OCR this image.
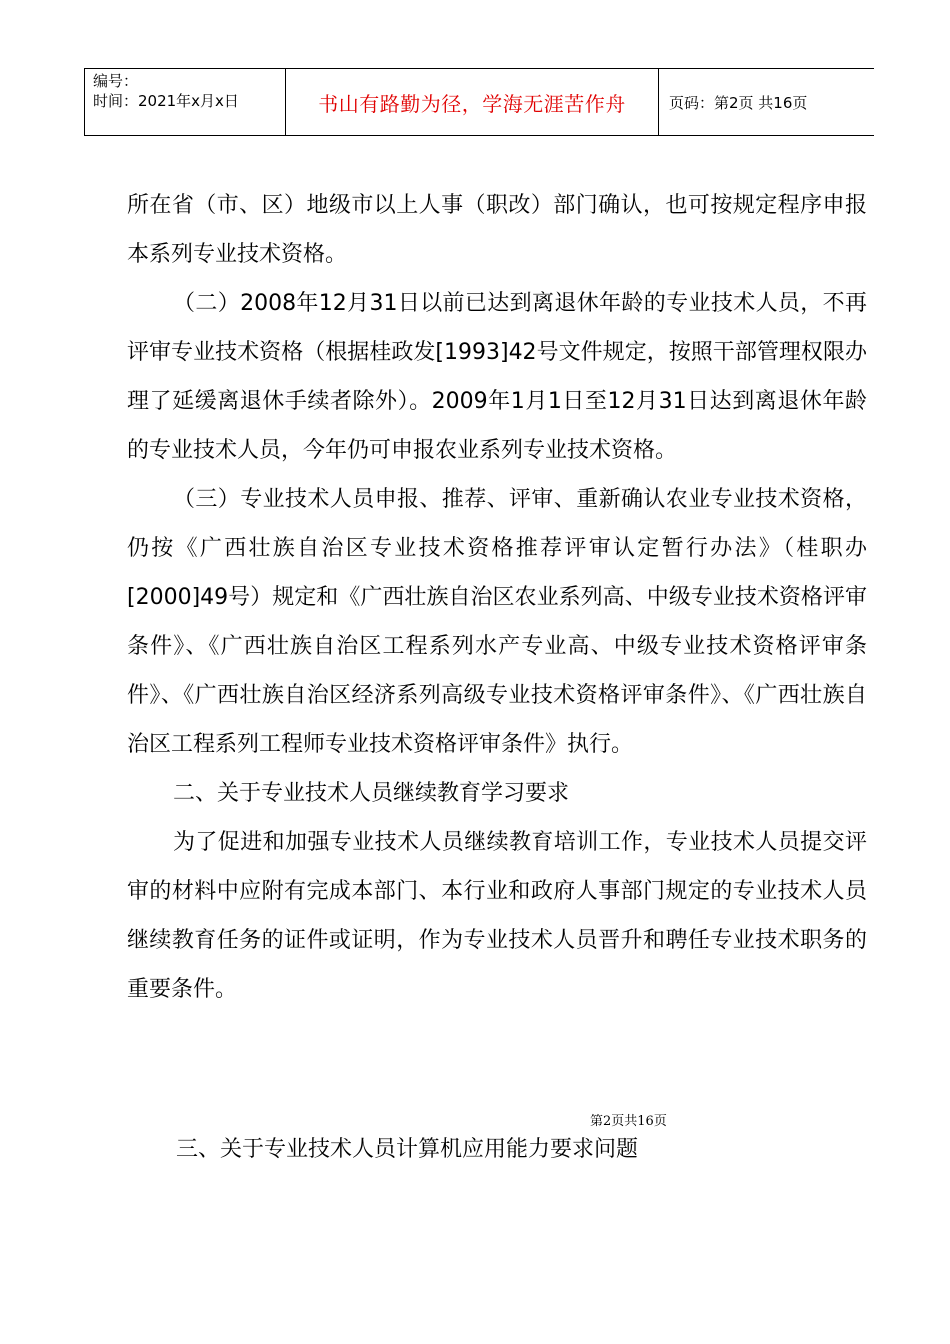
编号：
时间：2021年x月x日	书山有路勤为径，学海无涯苦作舟	页码：第2页 共16页

所在省（市、区）地级市以上人事（职改）部门确认，也可按规定程序申报本系列专业技术资格。

（二）2008年12月31日以前已达到离退休年龄的专业技术人员，不再评审专业技术资格（根据桂政发[1993]42号文件规定，按照干部管理权限办理了延缓离退休手续者除外）。2009年1月1日至12月31日达到离退休年龄的专业技术人员，今年仍可申报农业系列专业技术资格。

（三）专业技术人员申报、推荐、评审、重新确认农业专业技术资格，仍按《广西壮族自治区专业技术资格推荐评审认定暂行办法》（桂职办[2000]49号）规定和《广西壮族自治区农业系列高、中级专业技术资格评审条件》、《广西壮族自治区工程系列水产专业高、中级专业技术资格评审条件》、《广西壮族自治区经济系列高级专业技术资格评审条件》、《广西壮族自治区工程系列工程师专业技术资格评审条件》执行。

二、关于专业技术人员继续教育学习要求

为了促进和加强专业技术人员继续教育培训工作，专业技术人员提交评审的材料中应附有完成本部门、本行业和政府人事部门规定的专业技术人员继续教育任务的证件或证明，作为专业技术人员晋升和聘任专业技术职务的重要条件。

第2页共16页
三、关于专业技术人员计算机应用能力要求问题
